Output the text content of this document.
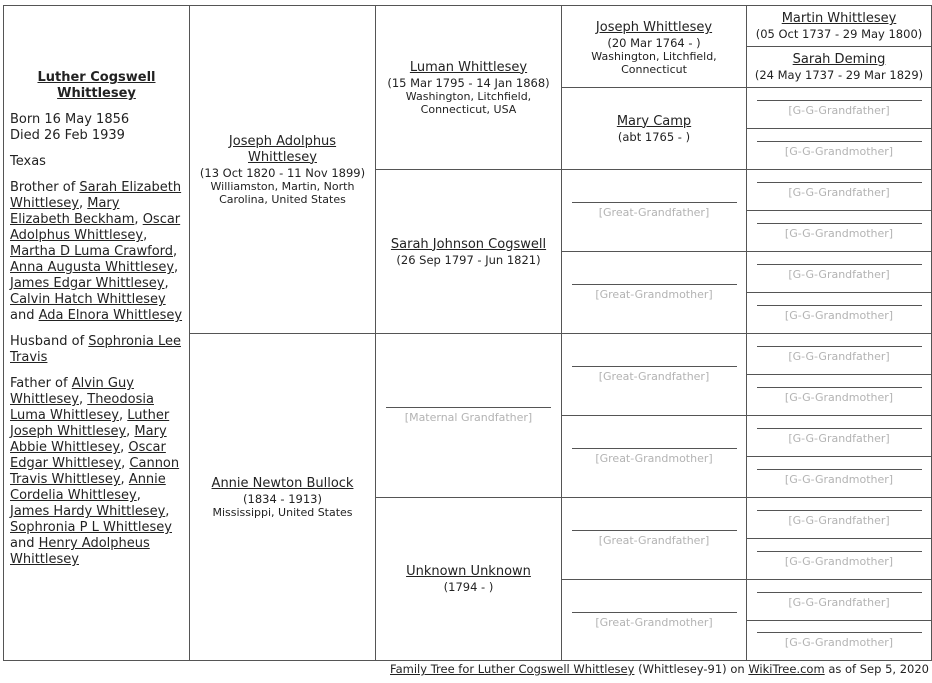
Luther Cogswell Whittlesey

Born 16 May 1856
Died 26 Feb 1939

Texas

Brother of Sarah Elizabeth Whittlesey, Mary Elizabeth Beckham, Oscar Adolphus Whittlesey, Martha D Luma Crawford, Anna Augusta Whittlesey, James Edgar Whittlesey, Calvin Hatch Whittlesey and Ada Elnora Whittlesey

Husband of Sophronia Lee Travis

Father of Alvin Guy Whittlesey, Theodosia Luma Whittlesey, Luther Joseph Whittlesey, Mary Abbie Whittlesey, Oscar Edgar Whittlesey, Cannon Travis Whittlesey, Annie Cordelia Whittlesey, James Hardy Whittlesey, Sophronia P L Whittlesey and Henry Adolpheus Whittlesey

Joseph Adolphus Whittlesey
(13 Oct 1820 - 11 Nov 1899)
Williamston, Martin, North Carolina, United States
Annie Newton Bullock
(1834 - 1913)
Mississippi, United States
Luman Whittlesey
(15 Mar 1795 - 14 Jan 1868)
Washington, Litchfield, Connecticut, USA
Sarah Johnson Cogswell
(26 Sep 1797 - Jun 1821)
[Maternal Grandfather]
Unknown Unknown
(1794 - )
Joseph Whittlesey
(20 Mar 1764 - )
Washington, Litchfield, Connecticut
Mary Camp
(abt 1765 - )
[Great-Grandfather]
[Great-Grandmother]
[Great-Grandfather]
[Great-Grandmother]
[Great-Grandfather]
[Great-Grandmother]
Martin Whittlesey
(05 Oct 1737 - 29 May 1800)
Sarah Deming
(24 May 1737 - 29 Mar 1829)
[G-G-Grandfather]
[G-G-Grandmother]
[G-G-Grandfather]
[G-G-Grandmother]
[G-G-Grandfather]
[G-G-Grandmother]
[G-G-Grandfather]
[G-G-Grandmother]
[G-G-Grandfather]
[G-G-Grandmother]
[G-G-Grandfather]
[G-G-Grandmother]
[G-G-Grandfather]
[G-G-Grandmother]
Family Tree for Luther Cogswell Whittlesey (Whittlesey-91) on WikiTree.com as of Sep 5, 2020
